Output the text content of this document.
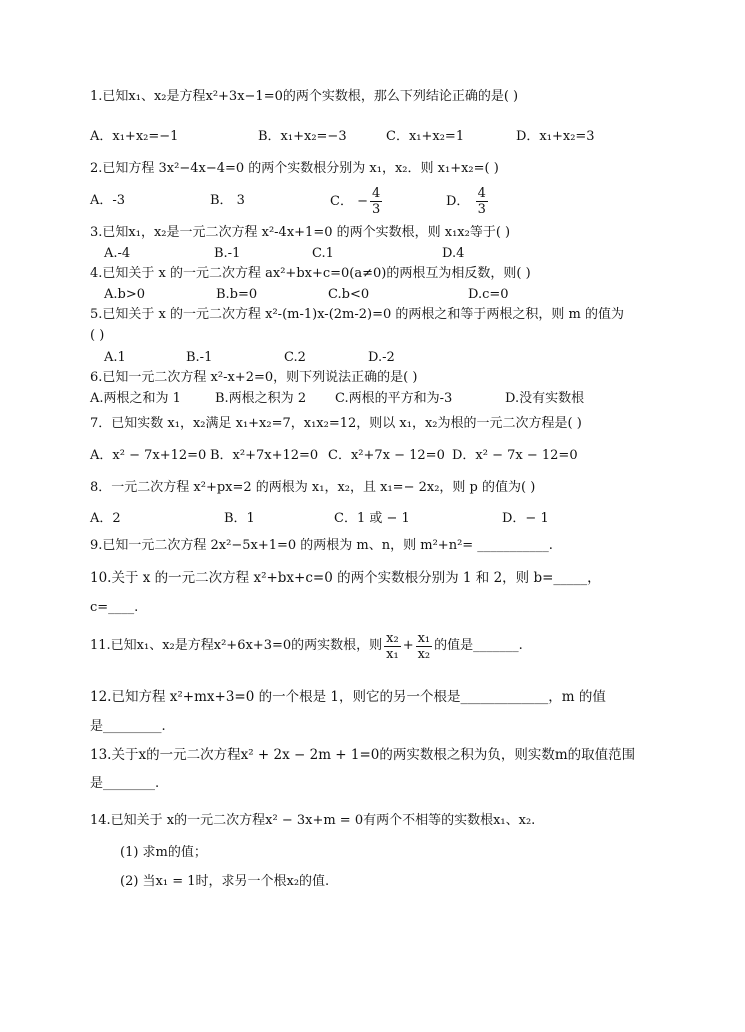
1.已知x₁、x₂是方程x²+3x−1=0的两个实数根，那么下列结论正确的是( )
A．x₁+x₂=−1	B．x₁+x₂=−3	C．x₁+x₂=1	D．x₁+x₂=3
2.已知方程 3x²−4x−4=0 的两个实数根分别为 x₁，x₂．则 x₁+x₂=( )
A．-3	B． 3	C． − $\frac{4}{3}$	D． $\frac{4}{3}$
3.已知x₁，x₂是一元二次方程 x²-4x+1=0 的两个实数根，则 x₁x₂等于( )
A.-4	B.-1	C.1	D.4
4.已知关于 x 的一元二次方程 ax²+bx+c=0(a≠0)的两根互为相反数，则( )
A.b>0	B.b=0	C.b<0	D.c=0
5.已知关于 x 的一元二次方程 x²-(m-1)x-(2m-2)=0 的两根之和等于两根之积，则 m 的值为
( )
A.1	B.-1	C.2	D.-2
6.已知一元二次方程 x²-x+2=0，则下列说法正确的是( )
A.两根之和为 1	B.两根之积为 2	C.两根的平方和为-3	D.没有实数根
7．已知实数 x₁，x₂满足 x₁+x₂=7，x₁x₂=12，则以 x₁，x₂为根的一元二次方程是( )
A．x² − 7x+12=0 B．x²+7x+12=0 C．x²+7x − 12=0 D．x² − 7x − 12=0
8．一元二次方程 x²+px=2 的两根为 x₁，x₂，且 x₁=− 2x₂，则 p 的值为( )
A．2	B．1	C．1 或 − 1	D．− 1
9.已知一元二次方程 2x²−5x+1=0 的两根为 m、n，则 m²+n²= ___________.
10.关于 x 的一元二次方程 x²+bx+c=0 的两个实数根分别为 1 和 2，则 b=_____，
c=____.
11.已知x₁、x₂是方程x²+6x+3=0的两实数根，则 $\frac{\text{x₂}}{\text{x₁}} + \frac{\text{x₁}}{\text{x₂}}$ 的值是_______.
12.已知方程 x²+mx+3=0 的一个根是 1，则它的另一个根是_____________，m 的值
是_________.
13.关于x的一元二次方程x² + 2x − 2m + 1=0的两实数根之积为负，则实数m的取值范围
是________.
14.已知关于 x的一元二次方程x² − 3x+m = 0有两个不相等的实数根x₁、x₂.
(1) 求m的值；
(2) 当x₁ = 1时，求另一个根x₂的值.
